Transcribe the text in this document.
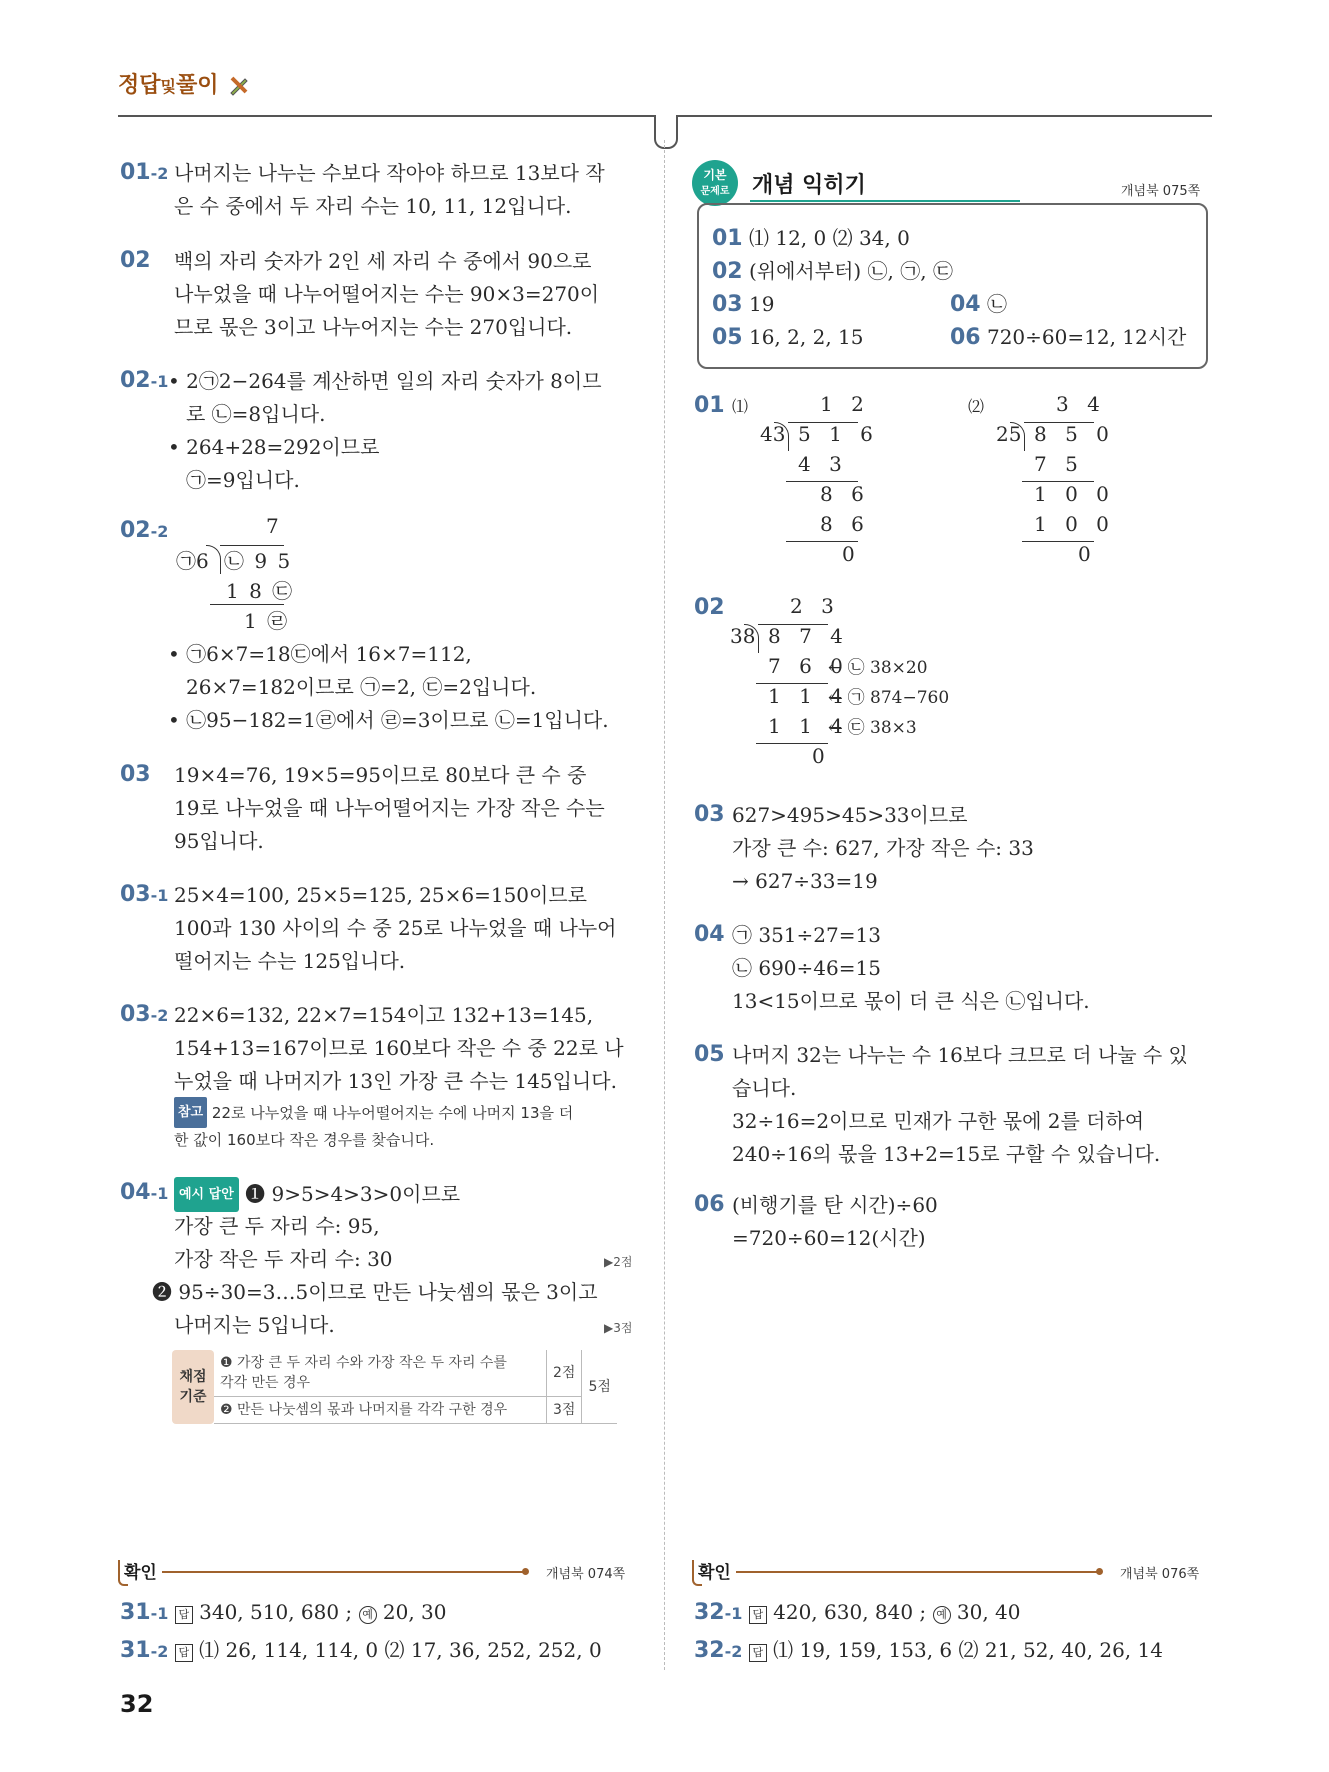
정답및풀이
01-2 나머지는 나누는 수보다 작아야 하므로 13보다 작
은 수 중에서 두 자리 수는 10, 11, 12입니다.
02 백의 자리 숫자가 2인 세 자리 수 중에서 90으로
나누었을 때 나누어떨어지는 수는 90×3=270이
므로 몫은 3이고 나누어지는 수는 270입니다.
02-1 • 2㉠2−264를 계산하면 일의 자리 숫자가 8이므
로 ㉡=8입니다.
• 264+28=292이므로
㉠=9입니다.
02-2	7
㉠6 ㉡ 9 5
1 8 ㉢
1 ㉣
• ㉠6×7=18㉢에서 16×7=112,
26×7=182이므로 ㉠=2, ㉢=2입니다.
• ㉡95−182=1㉣에서 ㉣=3이므로 ㉡=1입니다.
03 19×4=76, 19×5=95이므로 80보다 큰 수 중
19로 나누었을 때 나누어떨어지는 가장 작은 수는
95입니다.
03-1 25×4=100, 25×5=125, 25×6=150이므로
100과 130 사이의 수 중 25로 나누었을 때 나누어
떨어지는 수는 125입니다.
03-2 22×6=132, 22×7=154이고 132+13=145,
154+13=167이므로 160보다 작은 수 중 22로 나
누었을 때 나머지가 13인 가장 큰 수는 145입니다.
참고 22로 나누었을 때 나누어떨어지는 수에 나머지 13을 더
한 값이 160보다 작은 경우를 찾습니다.
04-1 예시 답안 ❶ 9>5>4>3>0이므로
가장 큰 두 자리 수: 95,
가장 작은 두 자리 수: 30	▶2점
❷ 95÷30=3…5이므로 만든 나눗셈의 몫은 3이고
나머지는 5입니다.	▶3점
채점 기준	❶ 가장 큰 두 자리 수와 가장 작은 두 자리 수를
각각 만든 경우	2점	5점
	❷ 만든 나눗셈의 몫과 나머지를 각각 구한 경우	3점	
기본
문제로	개념 익히기	개념북 075쪽
01 ⑴ 12, 0 ⑵ 34, 0
02 (위에서부터) ㉡, ㉠, ㉢
03 19	04 ㉡
05 16, 2, 2, 15	06 720÷60=12, 12시간
01 ⑴	1 2
43 5 1 6
4 3
8 6
8 6
0
⑵	3 4
25 8 5 0
7 5
1 0 0
1 0 0
0
02	2 3
38 8 7 4
7 6 0
← ㉡ 38×20
1 1 4
← ㉠ 874−760
1 1 4
← ㉢ 38×3
0
03 627>495>45>33이므로
가장 큰 수: 627, 가장 작은 수: 33
→ 627÷33=19
04 ㉠ 351÷27=13
㉡ 690÷46=15
13<15이므로 몫이 더 큰 식은 ㉡입니다.
05 나머지 32는 나누는 수 16보다 크므로 더 나눌 수 있
습니다.
32÷16=2이므로 민재가 구한 몫에 2를 더하여
240÷16의 몫을 13+2=15로 구할 수 있습니다.
06 (비행기를 탄 시간)÷60
=720÷60=12(시간)
확인	개념북 074쪽
31-1 답 340, 510, 680 ; 예 20, 30
31-2 답 ⑴ 26, 114, 114, 0 ⑵ 17, 36, 252, 252, 0
확인	개념북 076쪽
32-1 답 420, 630, 840 ; 예 30, 40
32-2 답 ⑴ 19, 159, 153, 6 ⑵ 21, 52, 40, 26, 14
32
